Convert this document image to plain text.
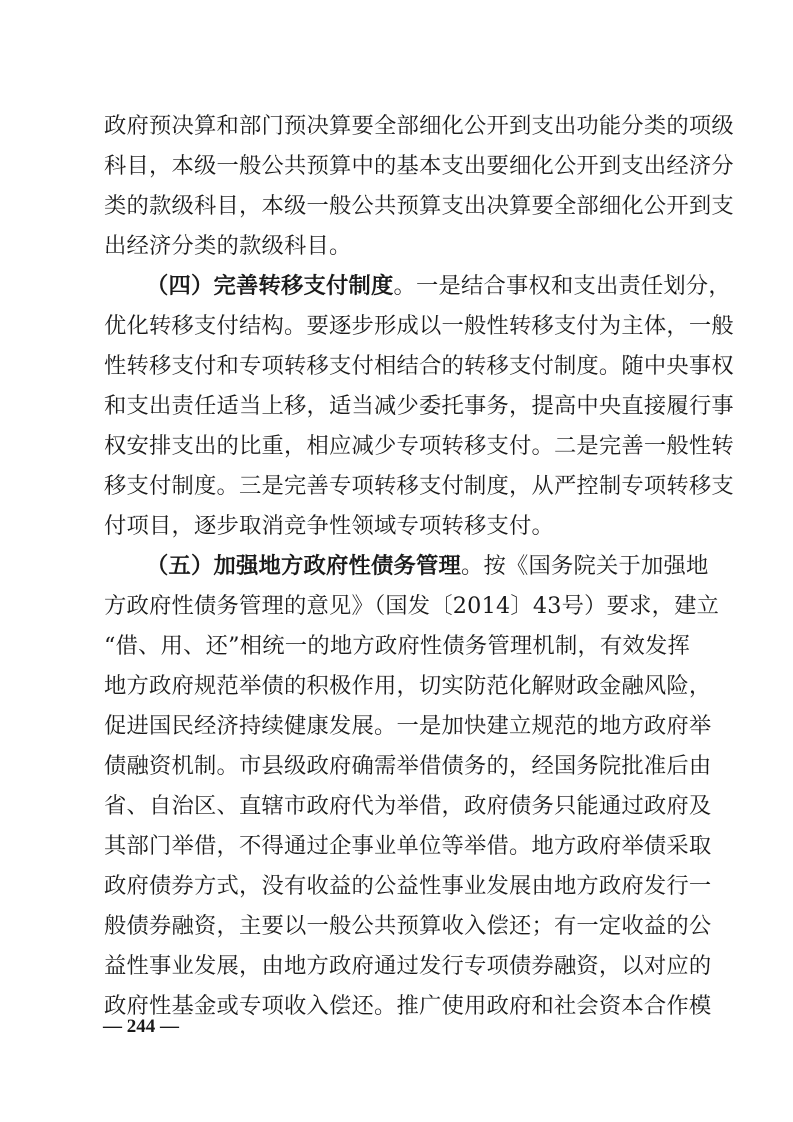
政府预决算和部门预决算要全部细化公开到支出功能分类的项级
科目，本级一般公共预算中的基本支出要细化公开到支出经济分
类的款级科目，本级一般公共预算支出决算要全部细化公开到支
出经济分类的款级科目。
（四）完善转移支付制度。一是结合事权和支出责任划分，
优化转移支付结构。要逐步形成以一般性转移支付为主体，一般
性转移支付和专项转移支付相结合的转移支付制度。随中央事权
和支出责任适当上移，适当减少委托事务，提高中央直接履行事
权安排支出的比重，相应减少专项转移支付。二是完善一般性转
移支付制度。三是完善专项转移支付制度，从严控制专项转移支
付项目，逐步取消竞争性领域专项转移支付。
（五）加强地方政府性债务管理。按《国务院关于加强地
方政府性债务管理的意见》（国发〔2014〕43号）要求，建立
“借、用、还”相统一的地方政府性债务管理机制，有效发挥
地方政府规范举债的积极作用，切实防范化解财政金融风险，
促进国民经济持续健康发展。一是加快建立规范的地方政府举
债融资机制。市县级政府确需举借债务的，经国务院批准后由
省、自治区、直辖市政府代为举借，政府债务只能通过政府及
其部门举借，不得通过企事业单位等举借。地方政府举债采取
政府债券方式，没有收益的公益性事业发展由地方政府发行一
般债券融资，主要以一般公共预算收入偿还；有一定收益的公
益性事业发展，由地方政府通过发行专项债券融资，以对应的
政府性基金或专项收入偿还。推广使用政府和社会资本合作模
— 244 —
